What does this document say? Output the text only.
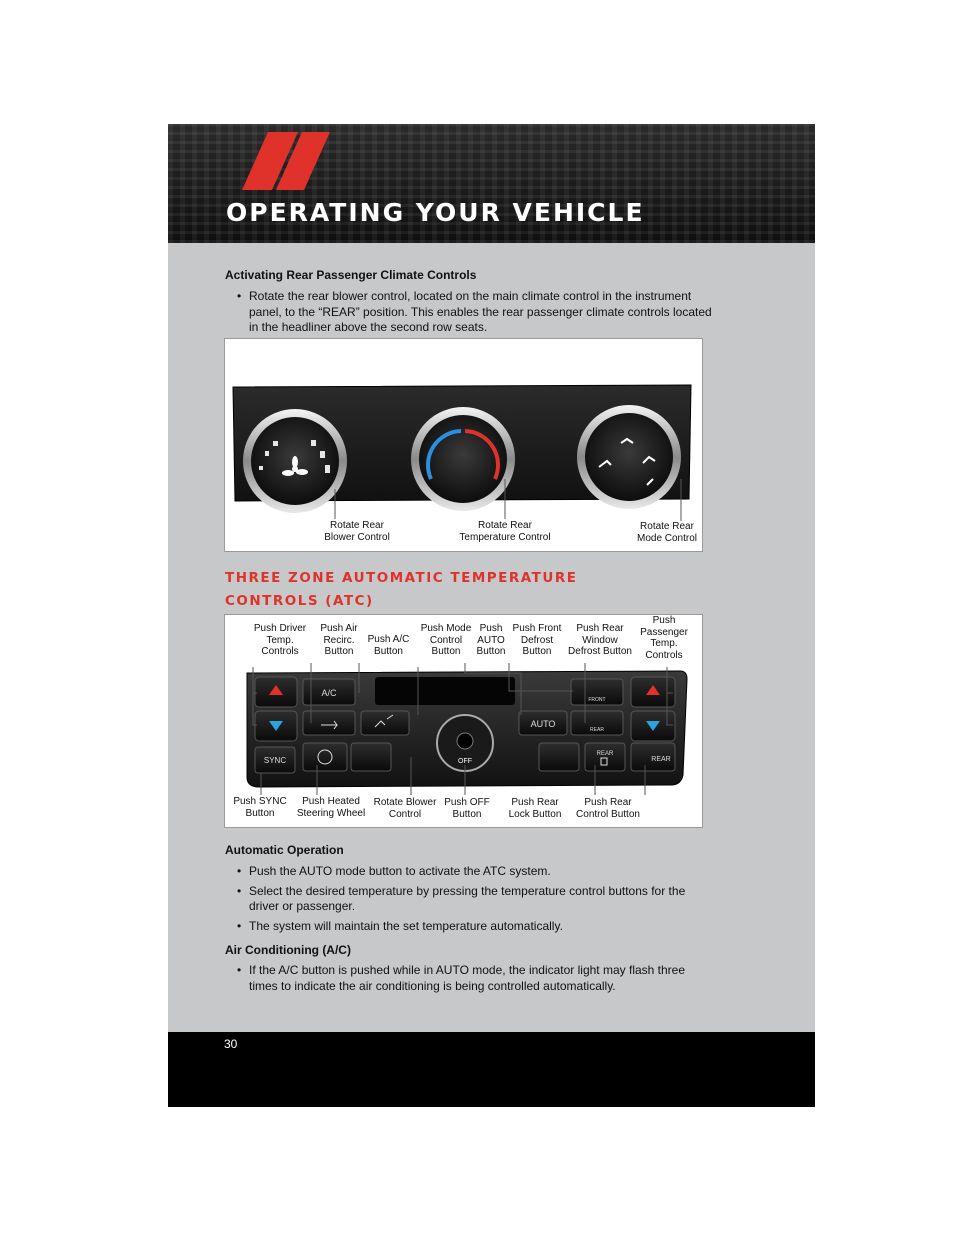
OPERATING YOUR VEHICLE
Activating Rear Passenger Climate Controls
• Rotate the rear blower control, located on the main climate control in the instrument panel, to the “REAR” position. This enables the rear passenger climate controls located in the headliner above the second row seats.
Rotate Rear
Blower Control
Rotate Rear
Temperature Control
Rotate Rear
Mode Control
THREE ZONE AUTOMATIC TEMPERATURE CONTROLS (ATC)
Push Driver
Temp.
Controls
Push Air
Recirc.
Button
Push A/C
Button
Push Mode
Control
Button
Push
AUTO
Button
Push Front
Defrost
Button
Push Rear
Window
Defrost Button
Push
Passenger
Temp.
Controls
A/C
OFF
AUTO
FRONT
REAR
SYNC
REAR
REAR
Push SYNC
Button
Push Heated
Steering Wheel
Rotate Blower
Control
Push OFF
Button
Push Rear
Lock Button
Push Rear
Control Button
Automatic Operation
• Push the AUTO mode button to activate the ATC system.
• Select the desired temperature by pressing the temperature control buttons for the driver or passenger.
• The system will maintain the set temperature automatically.
Air Conditioning (A/C)
• If the A/C button is pushed while in AUTO mode, the indicator light may flash three times to indicate the air conditioning is being controlled automatically.

30
